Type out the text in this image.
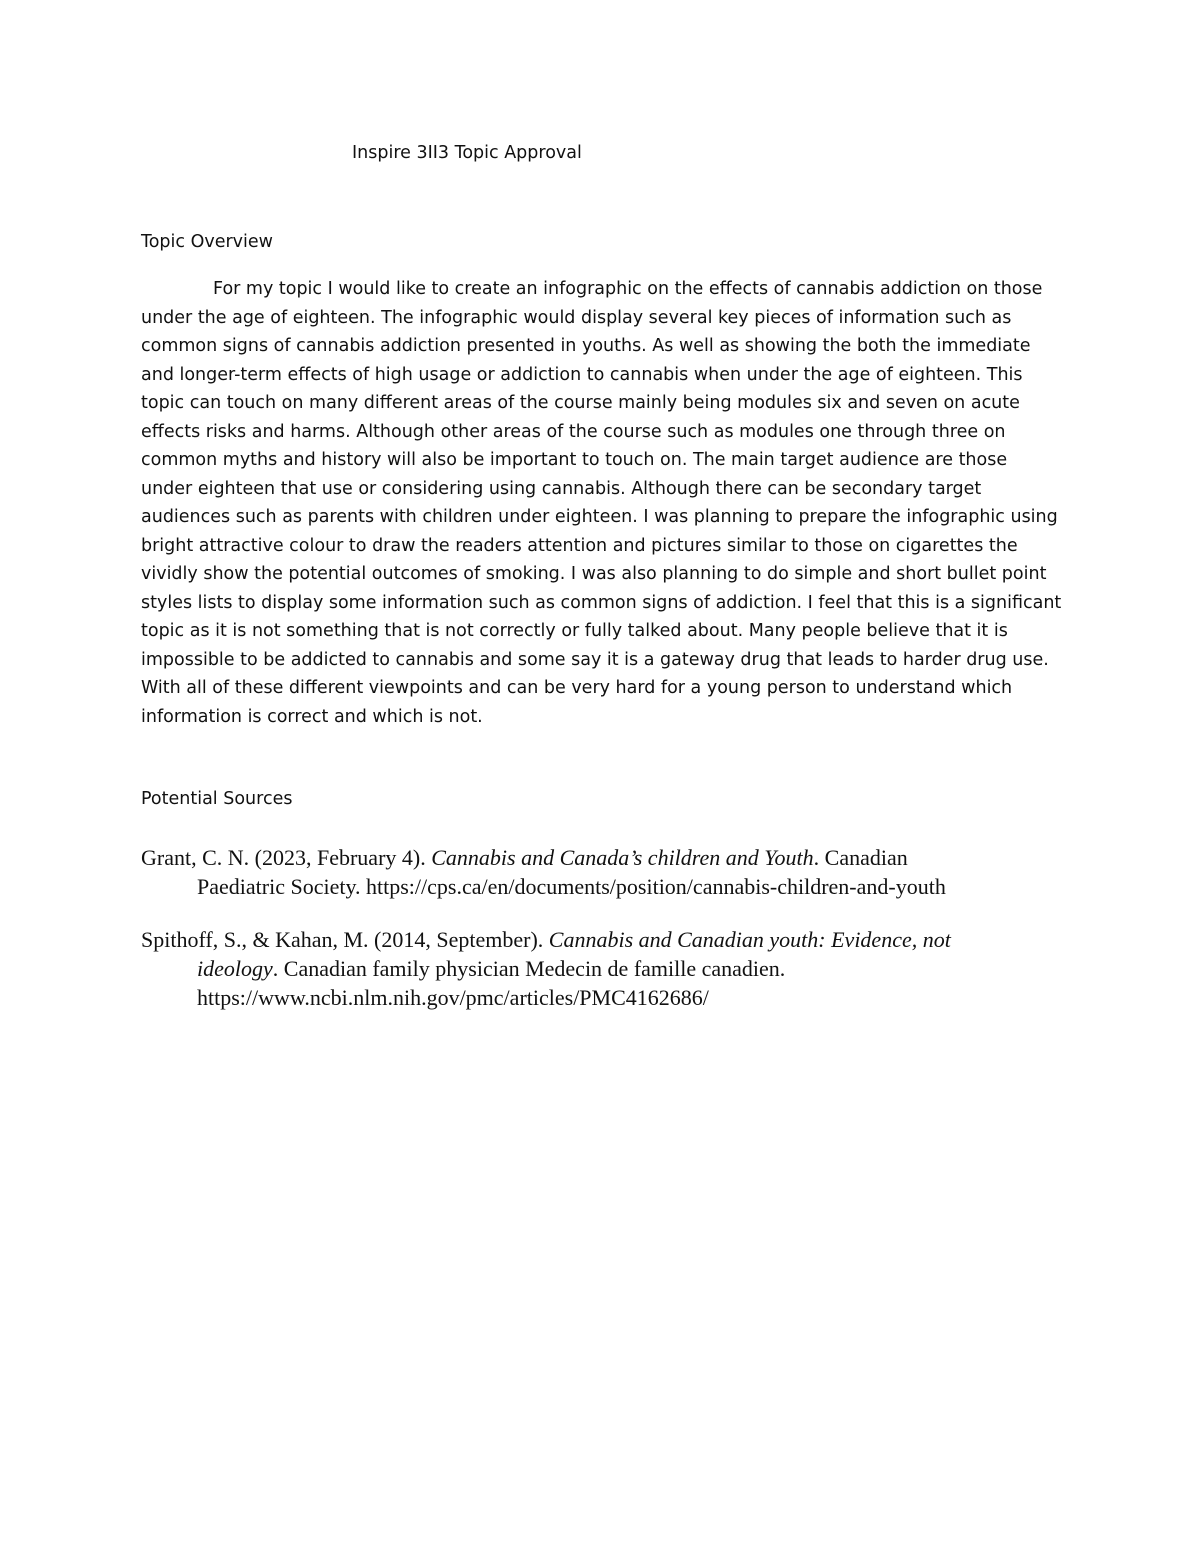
Inspire 3II3 Topic Approval
Topic Overview
For my topic I would like to create an infographic on the effects of cannabis addiction on those
under the age of eighteen. The infographic would display several key pieces of information such as
common signs of cannabis addiction presented in youths. As well as showing the both the immediate
and longer-term effects of high usage or addiction to cannabis when under the age of eighteen. This
topic can touch on many different areas of the course mainly being modules six and seven on acute
effects risks and harms. Although other areas of the course such as modules one through three on
common myths and history will also be important to touch on. The main target audience are those
under eighteen that use or considering using cannabis. Although there can be secondary target
audiences such as parents with children under eighteen. I was planning to prepare the infographic using
bright attractive colour to draw the readers attention and pictures similar to those on cigarettes the
vividly show the potential outcomes of smoking. I was also planning to do simple and short bullet point
styles lists to display some information such as common signs of addiction. I feel that this is a significant
topic as it is not something that is not correctly or fully talked about. Many people believe that it is
impossible to be addicted to cannabis and some say it is a gateway drug that leads to harder drug use.
With all of these different viewpoints and can be very hard for a young person to understand which
information is correct and which is not.
Potential Sources
Grant, C. N. (2023, February 4). Cannabis and Canada’s children and Youth. Canadian
Paediatric Society. https://cps.ca/en/documents/position/cannabis-children-and-youth
Spithoff, S., & Kahan, M. (2014, September). Cannabis and Canadian youth: Evidence, not
ideology. Canadian family physician Medecin de famille canadien.
https://www.ncbi.nlm.nih.gov/pmc/articles/PMC4162686/
